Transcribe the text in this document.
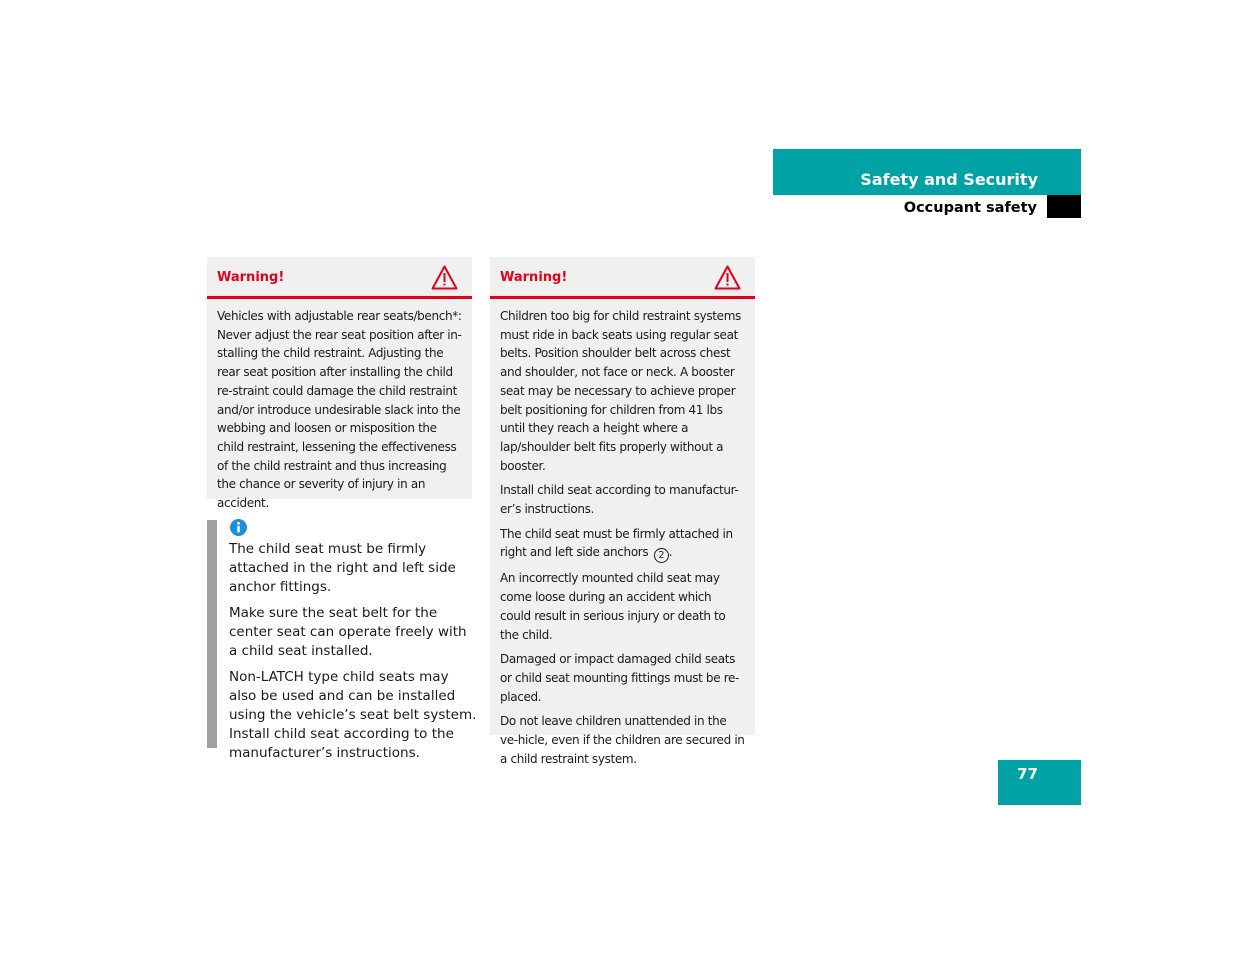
Safety and Security
Occupant safety
Warning!

Vehicles with adjustable rear seats/bench*: Never adjust the rear seat position after in-stalling the child restraint. Adjusting the rear seat position after installing the child re-straint could damage the child restraint and/or introduce undesirable slack into the webbing and loosen or misposition the child restraint, lessening the effectiveness of the child restraint and thus increasing the chance or severity of injury in an accident.

The child seat must be firmly attached in the right and left side anchor fittings.

Make sure the seat belt for the center seat can operate freely with a child seat installed.

Non-LATCH type child seats may also be used and can be installed using the vehicle’s seat belt system. Install child seat according to the manufacturer’s instructions.

Warning!

Children too big for child restraint systems must ride in back seats using regular seat belts. Position shoulder belt across chest and shoulder, not face or neck. A booster seat may be necessary to achieve proper belt positioning for children from 41 lbs until they reach a height where a lap/shoulder belt fits properly without a booster.

Install child seat according to manufactur-er’s instructions.

The child seat must be firmly attached in right and left side anchors 2 .

An incorrectly mounted child seat may come loose during an accident which could result in serious injury or death to the child.

Damaged or impact damaged child seats or child seat mounting fittings must be re-placed.

Do not leave children unattended in the ve-hicle, even if the children are secured in a child restraint system.

77
